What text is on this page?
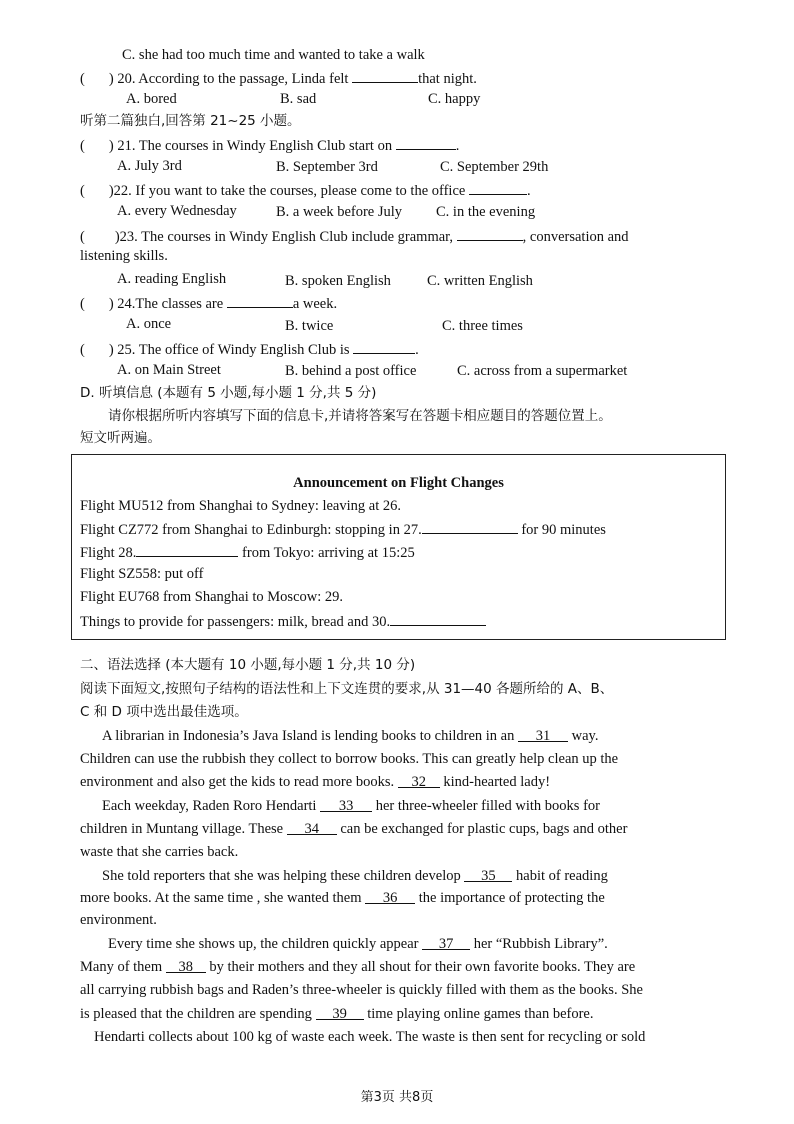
C. she had too much time and wanted to take a walk
( ) 20. According to the passage, Linda felt	that night.
A. bored	B. sad	C. happy
听第二篇独白,回答第 21~25 小题。
( ) 21. The courses in Windy English Club start on	.
A. July 3rd	B. September 3rd	C. September 29th
( )22. If you want to take the courses, please come to the office	.
A. every Wednesday	B. a week before July C. in the evening
( )23. The courses in Windy English Club include grammar,	, conversation and
listening skills.
A. reading English	B. spoken English C. written English
( ) 24.The classes are	a week.
A. once	B. twice	C. three times
( ) 25. The office of Windy English Club is	.
A. on Main Street	B. behind a post office	C. across from a supermarket
D. 听填信息 (本题有 5 小题,每小题 1 分,共 5 分)
请你根据所听内容填写下面的信息卡,并请将答案写在答题卡相应题目的答题位置上。
短文听两遍。
Announcement on Flight Changes
Flight MU512 from Shanghai to Sydney: leaving at 26.
Flight CZ772 from Shanghai to Edinburgh: stopping in 27.	for 90 minutes
Flight 28.	from Tokyo: arriving at 15:25
Flight SZ558: put off
Flight EU768 from Shanghai to Moscow: 29.
Things to provide for passengers: milk, bread and 30.
二、语法选择 (本大题有 10 小题,每小题 1 分,共 10 分)
阅读下面短文,按照句子结构的语法性和上下文连贯的要求,从 31—40 各题所给的 A、B、
C 和 D 项中选出最佳选项。
A librarian in Indonesia’s Java Island is lending books to children in an 31 way.
Children can use the rubbish they collect to borrow books. This can greatly help clean up the
environment and also get the kids to read more books. 32 kind-hearted lady!
Each weekday, Raden Roro Hendarti 33 her three-wheeler filled with books for
children in Muntang village. These 34 can be exchanged for plastic cups, bags and other
waste that she carries back.
She told reporters that she was helping these children develop 35 habit of reading
more books. At the same time , she wanted them 36 the importance of protecting the
environment.
Every time she shows up, the children quickly appear 37 her “Rubbish Library”.
Many of them 38 by their mothers and they all shout for their own favorite books. They are
all carrying rubbish bags and Raden’s three-wheeler is quickly filled with them as the books. She
is pleased that the children are spending 39 time playing online games than before.
Hendarti collects about 100 kg of waste each week. The waste is then sent for recycling or sold
第3页 共8页
